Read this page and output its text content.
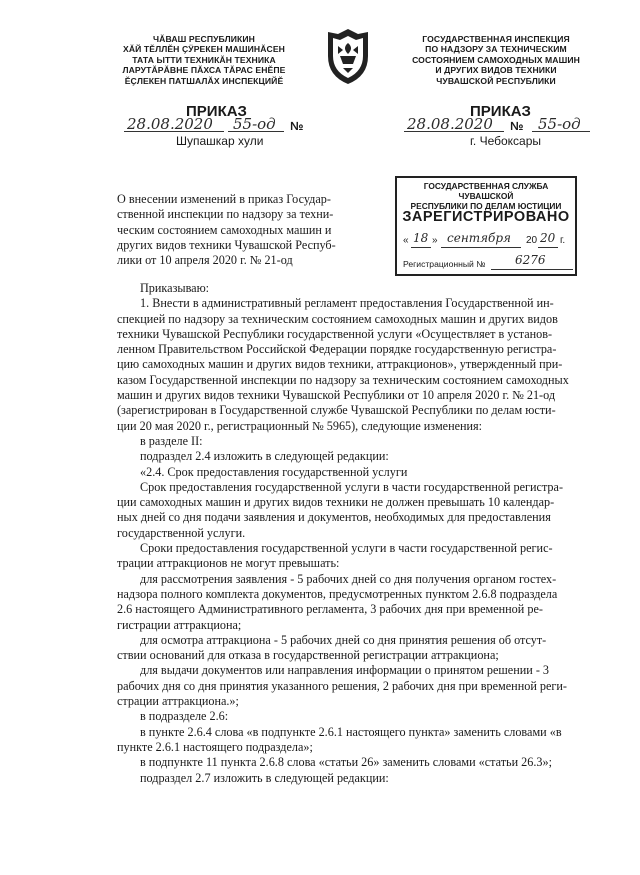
ЧӐВАШ РЕСПУБЛИКИН
ХӐЙ ТӖЛЛӖН ҪӰРЕКЕН МАШИНĂСЕН
ТАТА ЫТТИ ТЕХНИКĂН ТЕХНИКА
ЛАРУТĂРĂВНЕ ПĂХСА ТĂРАС ЕНӖПЕ
ӖҪЛЕКЕН ПАТШАЛĂХ ИНСПЕКЦИЙӖ
ГОСУДАРСТВЕННАЯ ИНСПЕКЦИЯ
ПО НАДЗОРУ ЗА ТЕХНИЧЕСКИМ
СОСТОЯНИЕМ САМОХОДНЫХ МАШИН
И ДРУГИХ ВИДОВ ТЕХНИКИ
ЧУВАШСКОЙ РЕСПУБЛИКИ
ПРИКАЗ
28.08.2020 55-од №
Шупашкар хули
ПРИКАЗ
28.08.2020 № 55-од
г. Чебоксары
ГОСУДАРСТВЕННАЯ СЛУЖБА ЧУВАШСКОЙ
РЕСПУБЛИКИ ПО ДЕЛАМ ЮСТИЦИИ
ЗАРЕГИСТРИРОВАНО
« 18 » сентября 20 20 г.
Регистрационный № 6276
О внесении изменений в приказ Государ-
ственной инспекции по надзору за техни-
ческим состоянием самоходных машин и
других видов техники Чувашской Респуб-
лики от 10 апреля 2020 г. № 21-од
Приказываю:
1. Внести в административный регламент предоставления Государственной ин-
спекцией по надзору за техническим состоянием самоходных машин и других видов
техники Чувашской Республики государственной услуги «Осуществляет в установ-
ленном Правительством Российской Федерации порядке государственную регистра-
цию самоходных машин и других видов техники, аттракционов», утвержденный при-
казом Государственной инспекции по надзору за техническим состоянием самоходных
машин и других видов техники Чувашской Республики от 10 апреля 2020 г. № 21-од
(зарегистрирован в Государственной службе Чувашской Республики по делам юсти-
ции 20 мая 2020 г., регистрационный № 5965), следующие изменения:
в разделе II:
подраздел 2.4 изложить в следующей редакции:
«2.4. Срок предоставления государственной услуги
Срок предоставления государственной услуги в части государственной регистра-
ции самоходных машин и других видов техники не должен превышать 10 календар-
ных дней со дня подачи заявления и документов, необходимых для предоставления
государственной услуги.
Сроки предоставления государственной услуги в части государственной регис-
трации аттракционов не могут превышать:
для рассмотрения заявления - 5 рабочих дней со дня получения органом гостех-
надзора полного комплекта документов, предусмотренных пунктом 2.6.8 подраздела
2.6 настоящего Административного регламента, 3 рабочих дня при временной ре-
гистрации аттракциона;
для осмотра аттракциона - 5 рабочих дней со дня принятия решения об отсут-
ствии оснований для отказа в государственной регистрации аттракциона;
для выдачи документов или направления информации о принятом решении - 3
рабочих дня со дня принятия указанного решения, 2 рабочих дня при временной реги-
страции аттракциона.»;
в подразделе 2.6:
в пункте 2.6.4 слова «в подпункте 2.6.1 настоящего пункта» заменить словами «в
пункте 2.6.1 настоящего подраздела»;
в подпункте 11 пункта 2.6.8 слова «статьи 26» заменить словами «статьи 26.3»;
подраздел 2.7 изложить в следующей редакции:
